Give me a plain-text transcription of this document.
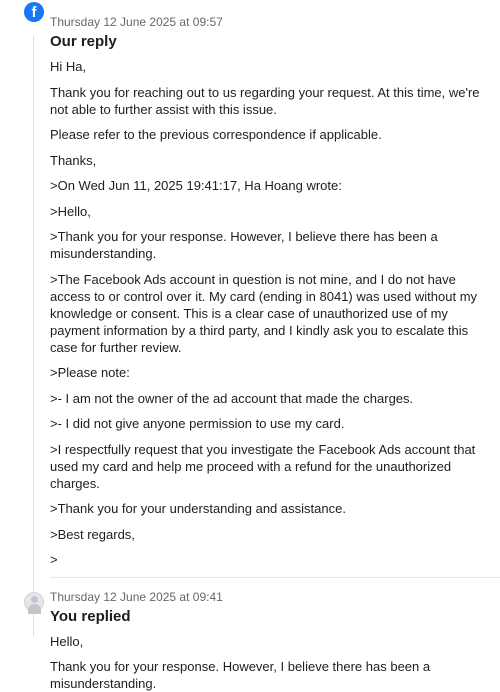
f
Thursday 12 June 2025 at 09:57
Our reply

Hi Ha,

Thank you for reaching out to us regarding your request. At this time, we're not able to further assist with this issue.

Please refer to the previous correspondence if applicable.

Thanks,

>On Wed Jun 11, 2025 19:41:17, Ha Hoang wrote:

>Hello,

>Thank you for your response. However, I believe there has been a misunderstanding.

>The Facebook Ads account in question is not mine, and I do not have access to or control over it. My card (ending in 8041) was used without my knowledge or consent. This is a clear case of unauthorized use of my payment information by a third party, and I kindly ask you to escalate this case for further review.

>Please note:

>- I am not the owner of the ad account that made the charges.

>- I did not give anyone permission to use my card.

>I respectfully request that you investigate the Facebook Ads account that used my card and help me proceed with a refund for the unauthorized charges.

>Thank you for your understanding and assistance.

>Best regards,

>

Thursday 12 June 2025 at 09:41
You replied

Hello,

Thank you for your response. However, I believe there has been a misunderstanding.
